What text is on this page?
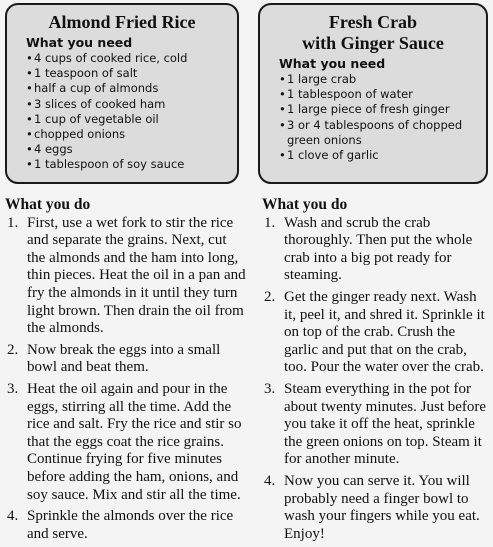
Almond Fried Rice
What you need
• 4 cups of cooked rice, cold
• 1 teaspoon of salt
• half a cup of almonds
• 3 slices of cooked ham
• 1 cup of vegetable oil
• chopped onions
• 4 eggs
• 1 tablespoon of soy sauce
Fresh Crab
with Ginger Sauce
What you need
• 1 large crab
• 1 tablespoon of water
• 1 large piece of fresh ginger
• 3 or 4 tablespoons of chopped green onions
• 1 clove of garlic
What you do
1. First, use a wet fork to stir the rice and separate the grains. Next, cut the almonds and the ham into long, thin pieces. Heat the oil in a pan and fry the almonds in it until they turn light brown. Then drain the oil from the almonds.
2. Now break the eggs into a small bowl and beat them.
3. Heat the oil again and pour in the eggs, stirring all the time. Add the rice and salt. Fry the rice and stir so that the eggs coat the rice grains. Continue frying for five minutes before adding the ham, onions, and soy sauce. Mix and stir all the time.
4. Sprinkle the almonds over the rice and serve.
What you do
1. Wash and scrub the crab thoroughly. Then put the whole crab into a big pot ready for steaming.
2. Get the ginger ready next. Wash it, peel it, and shred it. Sprinkle it on top of the crab. Crush the garlic and put that on the crab, too. Pour the water over the crab.
3. Steam everything in the pot for about twenty minutes. Just before you take it off the heat, sprinkle the green onions on top. Steam it for another minute.
4. Now you can serve it. You will probably need a finger bowl to wash your fingers while you eat. Enjoy!
